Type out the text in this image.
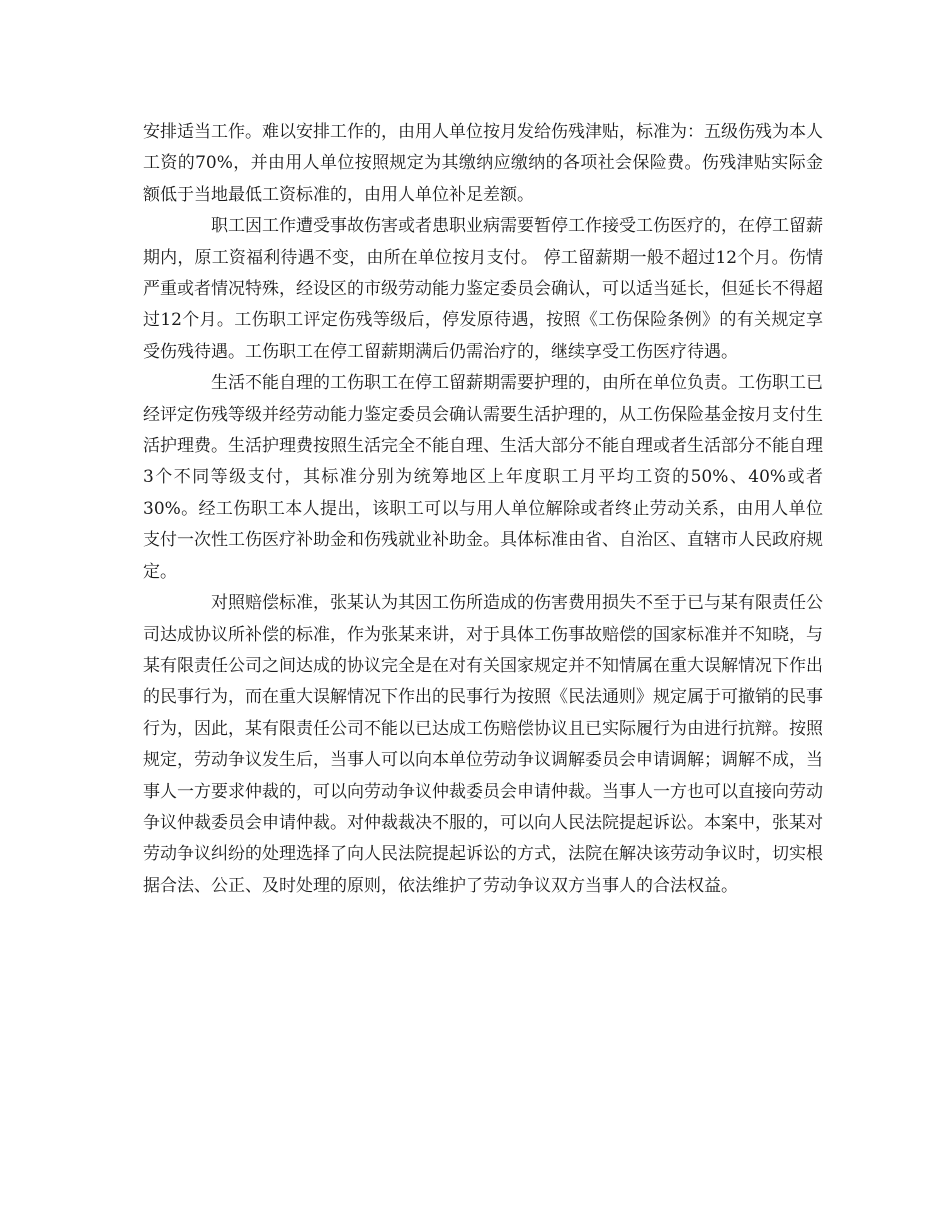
安排适当工作。难以安排工作的，由用人单位按月发给伤残津贴，标准为：五级伤残为本人工资的70%，并由用人单位按照规定为其缴纳应缴纳的各项社会保险费。伤残津贴实际金额低于当地最低工资标准的，由用人单位补足差额。

职工因工作遭受事故伤害或者患职业病需要暂停工作接受工伤医疗的，在停工留薪期内，原工资福利待遇不变，由所在单位按月支付。 停工留薪期一般不超过12个月。伤情严重或者情况特殊，经设区的市级劳动能力鉴定委员会确认，可以适当延长，但延长不得超过12个月。工伤职工评定伤残等级后，停发原待遇，按照《工伤保险条例》的有关规定享受伤残待遇。工伤职工在停工留薪期满后仍需治疗的，继续享受工伤医疗待遇。

生活不能自理的工伤职工在停工留薪期需要护理的，由所在单位负责。工伤职工已经评定伤残等级并经劳动能力鉴定委员会确认需要生活护理的，从工伤保险基金按月支付生活护理费。生活护理费按照生活完全不能自理、生活大部分不能自理或者生活部分不能自理3个不同等级支付，其标准分别为统筹地区上年度职工月平均工资的50%、40%或者30%。经工伤职工本人提出，该职工可以与用人单位解除或者终止劳动关系，由用人单位支付一次性工伤医疗补助金和伤残就业补助金。具体标准由省、自治区、直辖市人民政府规定。

对照赔偿标准，张某认为其因工伤所造成的伤害费用损失不至于已与某有限责任公司达成协议所补偿的标准，作为张某来讲，对于具体工伤事故赔偿的国家标准并不知晓，与某有限责任公司之间达成的协议完全是在对有关国家规定并不知情属在重大误解情况下作出的民事行为，而在重大误解情况下作出的民事行为按照《民法通则》规定属于可撤销的民事行为，因此，某有限责任公司不能以已达成工伤赔偿协议且已实际履行为由进行抗辩。按照规定，劳动争议发生后，当事人可以向本单位劳动争议调解委员会申请调解；调解不成，当事人一方要求仲裁的，可以向劳动争议仲裁委员会申请仲裁。当事人一方也可以直接向劳动争议仲裁委员会申请仲裁。对仲裁裁决不服的，可以向人民法院提起诉讼。本案中，张某对劳动争议纠纷的处理选择了向人民法院提起诉讼的方式，法院在解决该劳动争议时，切实根据合法、公正、及时处理的原则，依法维护了劳动争议双方当事人的合法权益。
